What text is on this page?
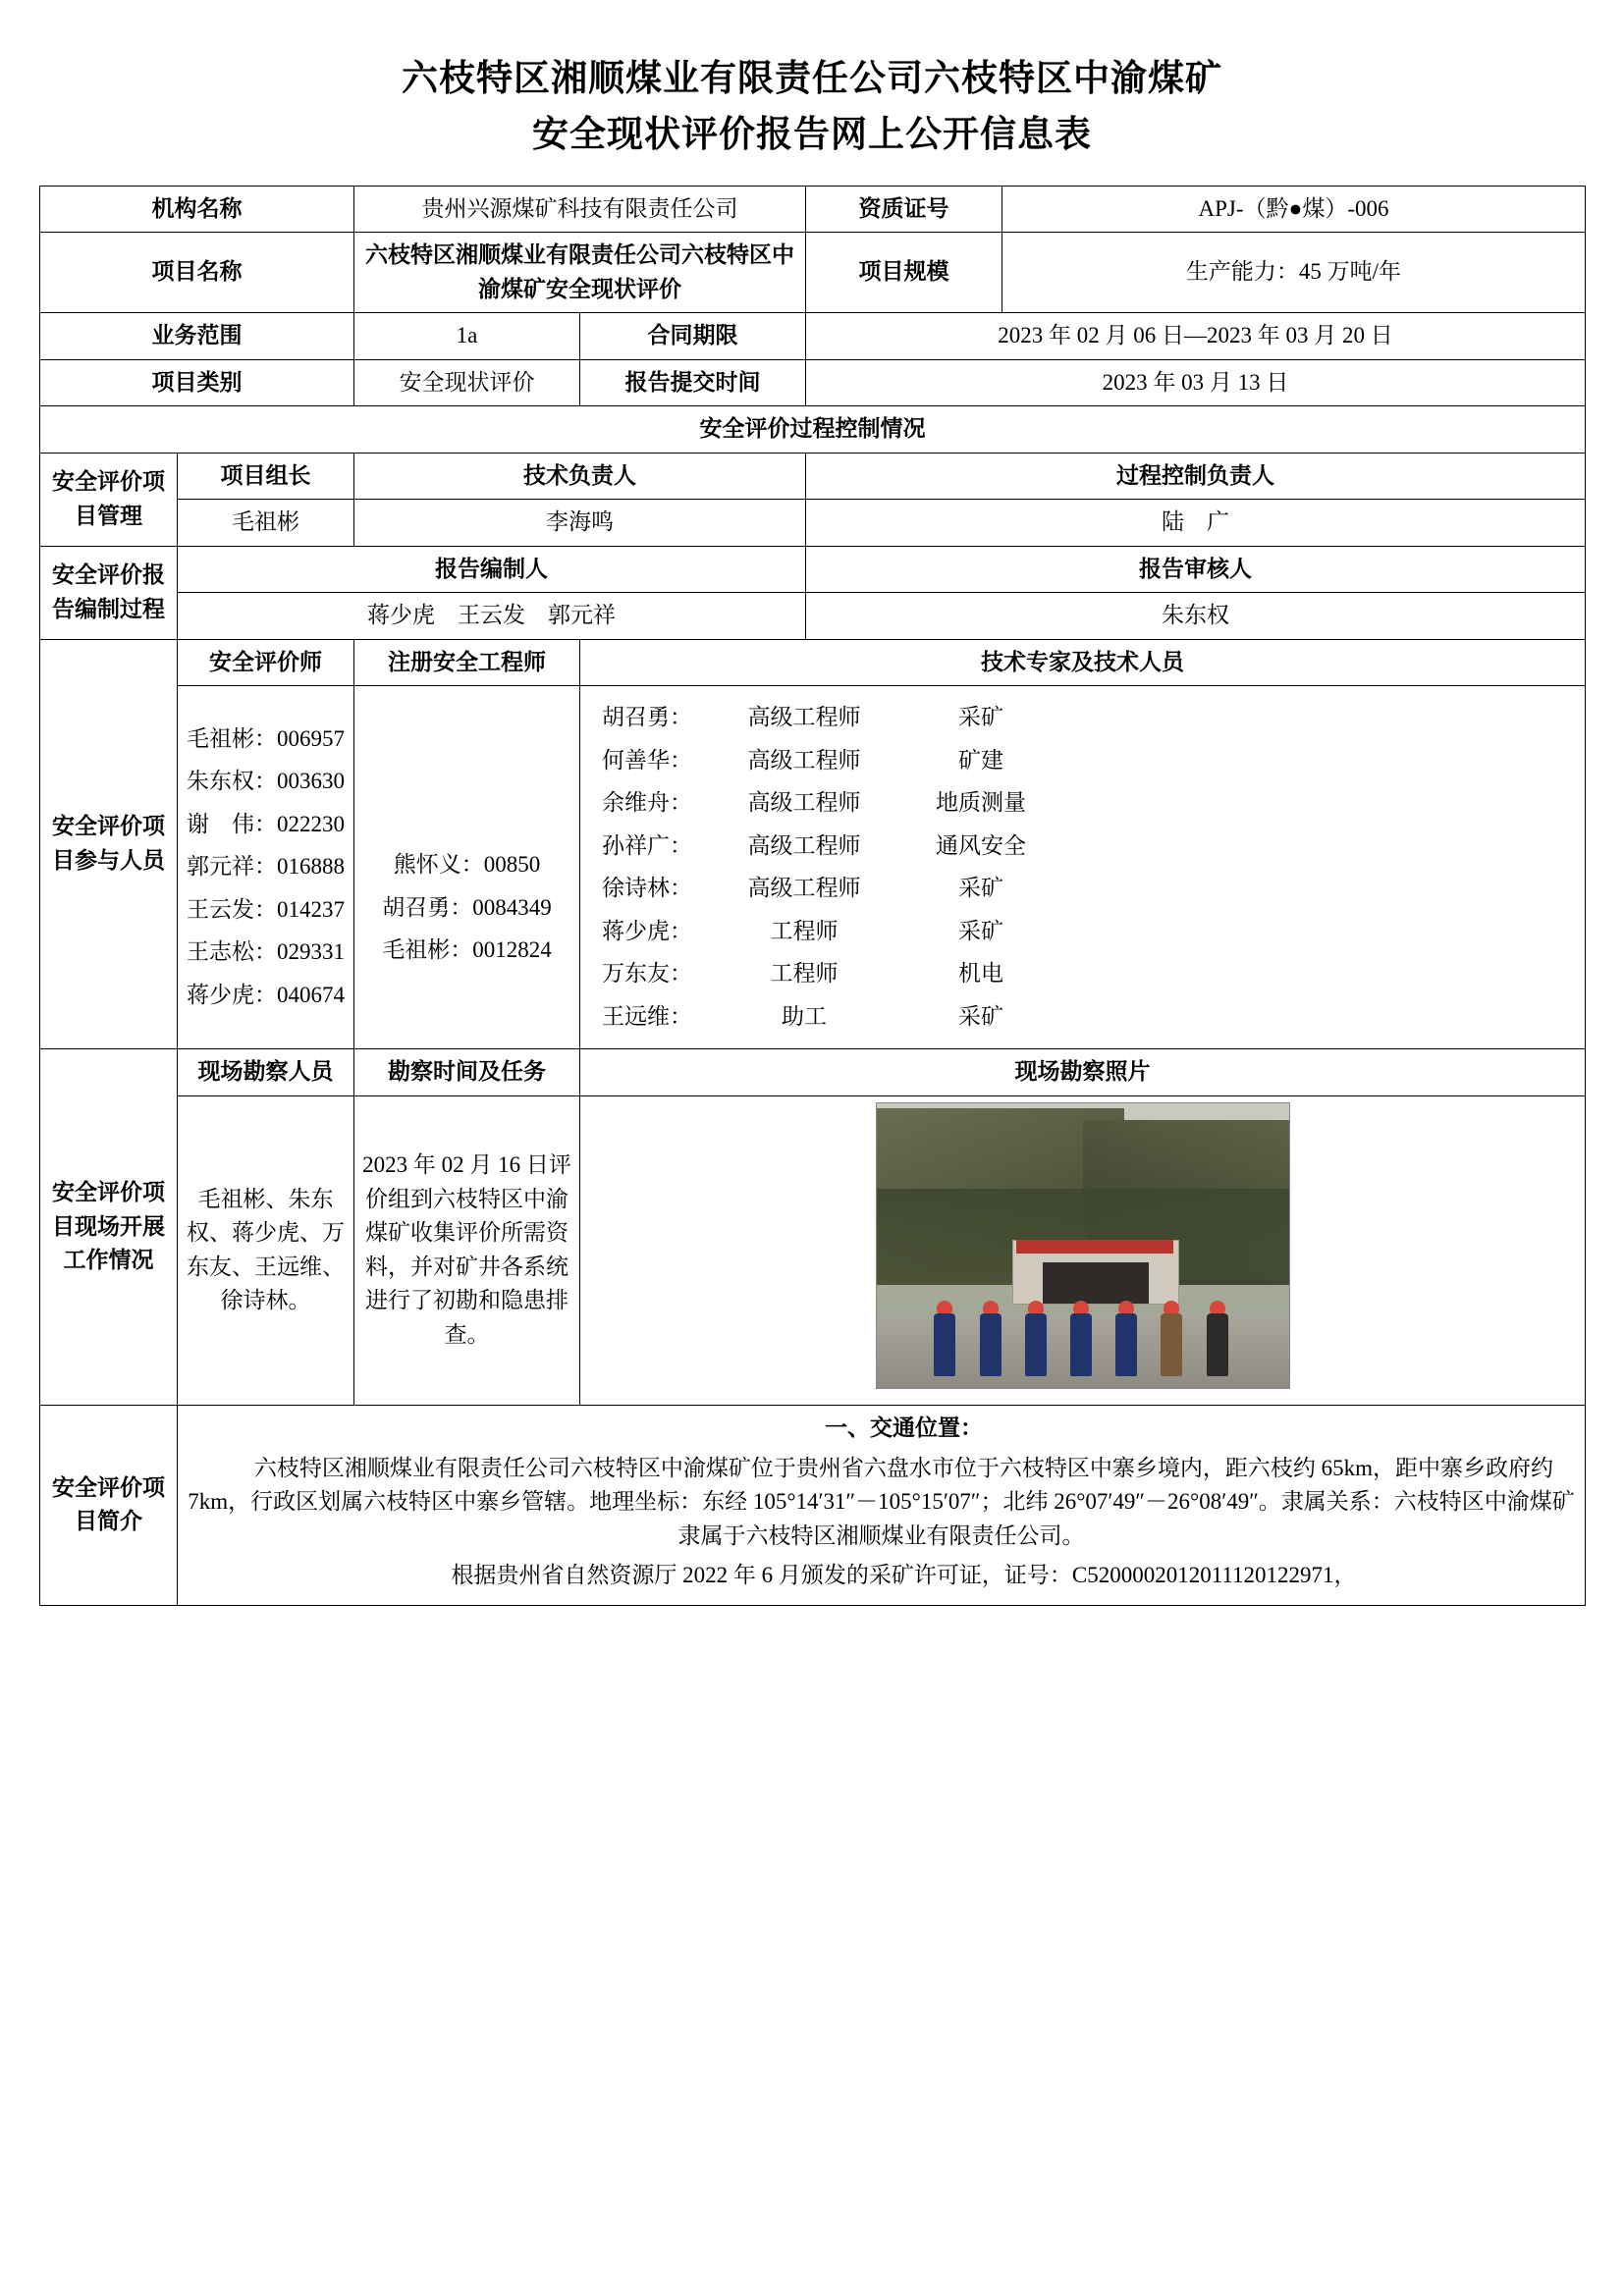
六枝特区湘顺煤业有限责任公司六枝特区中渝煤矿
安全现状评价报告网上公开信息表
机构名称		贵州兴源煤矿科技有限责任公司		资质证号	APJ-（黔●煤）-006
项目名称		六枝特区湘顺煤业有限责任公司六枝特区中渝煤矿安全现状评价		项目规模	生产能力：45 万吨/年
业务范围		1a	合同期限	2023 年 02 月 06 日—2023 年 03 月 20 日	
项目类别		安全现状评价	报告提交时间	2023 年 03 月 13 日	
安全评价过程控制情况					
安全评价项目管理	项目组长	技术负责人		过程控制负责人	
	毛祖彬	李海鸣		陆　广	
安全评价报告编制过程	报告编制人			报告审核人	
	蒋少虎　王云发　郭元祥			朱东权	
安全评价项目参与人员	安全评价师	注册安全工程师	技术专家及技术人员		

毛祖彬：006957
朱东权：003630
谢　伟：022230
郭元祥：016888
王云发：014237
王志松：029331
蒋少虎：040674

熊怀义：00850
胡召勇：0084349
毛祖彬：0012824

胡召勇：	高级工程师	采矿
何善华：	高级工程师	矿建
余维舟：	高级工程师	地质测量
孙祥广：	高级工程师	通风安全
徐诗林：	高级工程师	采矿
蒋少虎：	工程师	采矿
万东友：	工程师	机电
王远维：	助工	采矿

安全评价项目现场开展工作情况	现场勘察人员	勘察时间及任务	现场勘察照片		
	毛祖彬、朱东权、蒋少虎、万东友、王远维、徐诗林。	2023 年 02 月 16 日评价组到六枝特区中渝煤矿收集评价所需资料，并对矿井各系统进行了初勘和隐患排查。			

安全评价项目简介	一、交通位置：

六枝特区湘顺煤业有限责任公司六枝特区中渝煤矿位于贵州省六盘水市位于六枝特区中寨乡境内，距六枝约 65km，距中寨乡政府约 7km，行政区划属六枝特区中寨乡管辖。地理坐标：东经 105°14′31″－105°15′07″；北纬 26°07′49″－26°08′49″。隶属关系：六枝特区中渝煤矿隶属于六枝特区湘顺煤业有限责任公司。

根据贵州省自然资源厅 2022 年 6 月颁发的采矿许可证，证号：C5200002012011120122971，				
